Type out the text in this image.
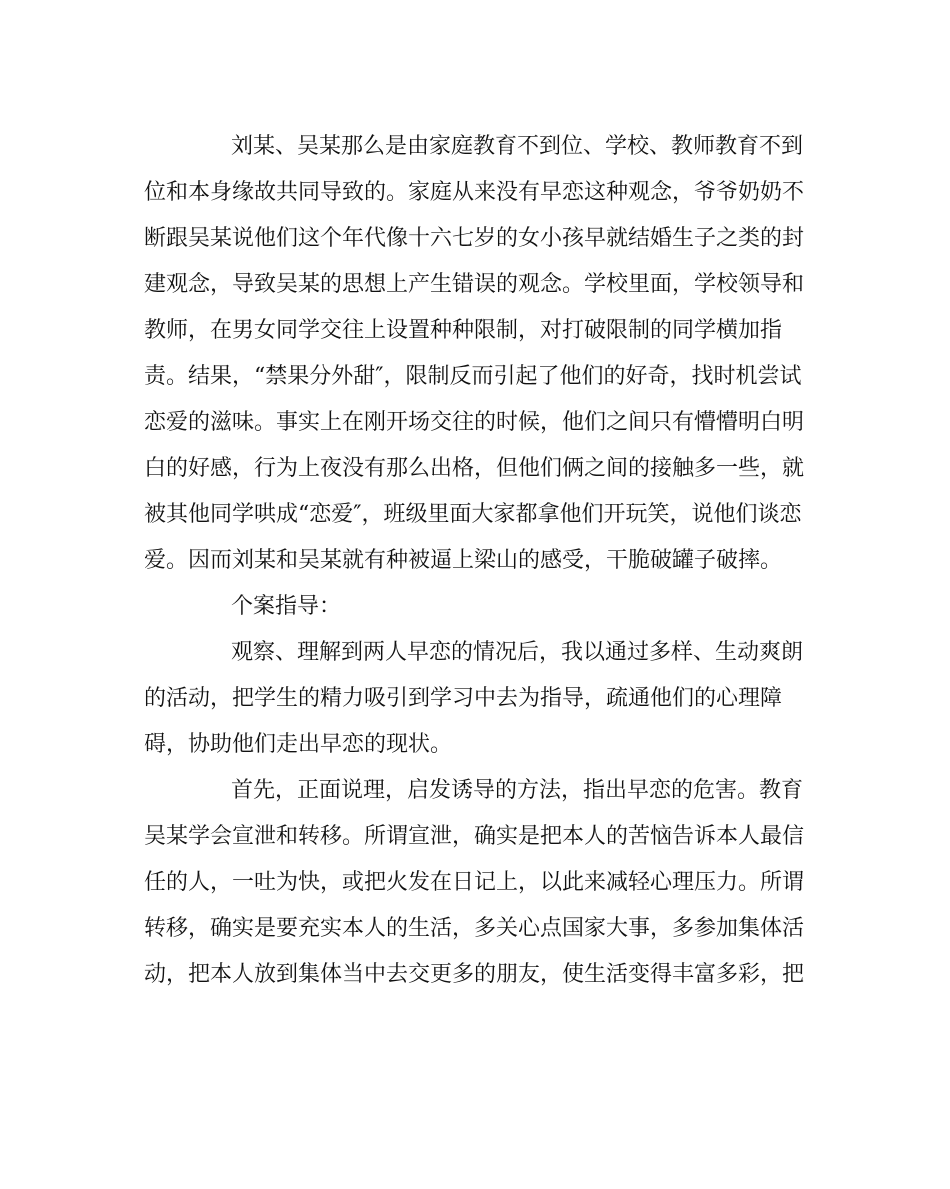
刘某、吴某那么是由家庭教育不到位、学校、教师教育不到
位和本身缘故共同导致的。家庭从来没有早恋这种观念，爷爷奶奶不
断跟吴某说他们这个年代像十六七岁的女小孩早就结婚生子之类的封
建观念，导致吴某的思想上产生错误的观念。学校里面，学校领导和
教师，在男女同学交往上设置种种限制，对打破限制的同学横加指
责。结果，“禁果分外甜″，限制反而引起了他们的好奇，找时机尝试
恋爱的滋味。事实上在刚开场交往的时候，他们之间只有懵懵明白明
白的好感，行为上夜没有那么出格，但他们俩之间的接触多一些，就
被其他同学哄成“恋爱″，班级里面大家都拿他们开玩笑，说他们谈恋
爱。因而刘某和吴某就有种被逼上梁山的感受，干脆破罐子破摔。
个案指导：
观察、理解到两人早恋的情况后，我以通过多样、生动爽朗
的活动，把学生的精力吸引到学习中去为指导，疏通他们的心理障
碍，协助他们走出早恋的现状。
首先，正面说理，启发诱导的方法，指出早恋的危害。教育
吴某学会宣泄和转移。所谓宣泄，确实是把本人的苦恼告诉本人最信
任的人，一吐为快，或把火发在日记上，以此来减轻心理压力。所谓
转移，确实是要充实本人的生活，多关心点国家大事，多参加集体活
动，把本人放到集体当中去交更多的朋友，使生活变得丰富多彩，把
